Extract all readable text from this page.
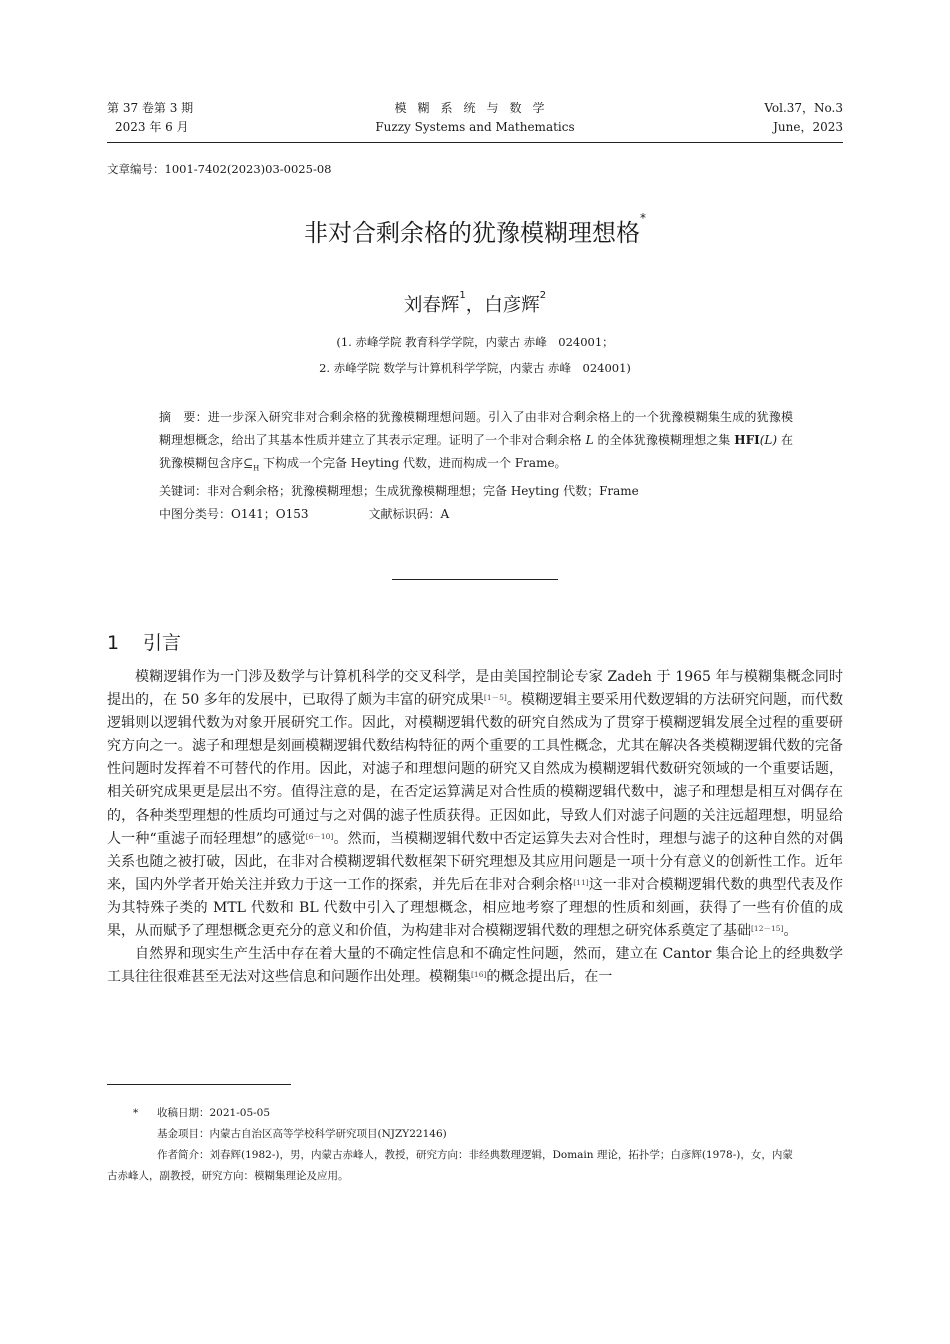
第 37 卷第 3 期
2023 年 6 月
模糊系统与数学
Fuzzy Systems and Mathematics
Vol.37，No.3
June，2023
文章编号：1001-7402(2023)03-0025-08
非对合剩余格的犹豫模糊理想格*
刘春辉$^1$，白彦辉$^2$
(1. 赤峰学院 教育科学学院，内蒙古 赤峰　024001；
2. 赤峰学院 数学与计算机科学学院，内蒙古 赤峰　024001)

摘　要：进一步深入研究非对合剩余格的犹豫模糊理想问题。引入了由非对合剩余格上的一个犹豫模糊集生成的犹豫模糊理想概念，给出了其基本性质并建立了其表示定理。证明了一个非对合剩余格 L 的全体犹豫模糊理想之集 HFI(L) 在犹豫模糊包含序$⊆_H$ 下构成一个完备 Heyting 代数，进而构成一个 Frame。

关键词：非对合剩余格；犹豫模糊理想；生成犹豫模糊理想；完备 Heyting 代数；Frame

中图分类号：O141；O153	文献标识码：A

1 引言

模糊逻辑作为一门涉及数学与计算机科学的交叉科学，是由美国控制论专家 Zadeh 于 1965 年与模糊集概念同时提出的，在 50 多年的发展中，已取得了颇为丰富的研究成果[1－5]。模糊逻辑主要采用代数逻辑的方法研究问题，而代数逻辑则以逻辑代数为对象开展研究工作。因此，对模糊逻辑代数的研究自然成为了贯穿于模糊逻辑发展全过程的重要研究方向之一。滤子和理想是刻画模糊逻辑代数结构特征的两个重要的工具性概念，尤其在解决各类模糊逻辑代数的完备性问题时发挥着不可替代的作用。因此，对滤子和理想问题的研究又自然成为模糊逻辑代数研究领域的一个重要话题，相关研究成果更是层出不穷。值得注意的是，在否定运算满足对合性质的模糊逻辑代数中，滤子和理想是相互对偶存在的，各种类型理想的性质均可通过与之对偶的滤子性质获得。正因如此，导致人们对滤子问题的关注远超理想，明显给人一种“重滤子而轻理想”的感觉[6－10]。然而，当模糊逻辑代数中否定运算失去对合性时，理想与滤子的这种自然的对偶关系也随之被打破，因此，在非对合模糊逻辑代数框架下研究理想及其应用问题是一项十分有意义的创新性工作。近年来，国内外学者开始关注并致力于这一工作的探索，并先后在非对合剩余格[11]这一非对合模糊逻辑代数的典型代表及作为其特殊子类的 MTL 代数和 BL 代数中引入了理想概念，相应地考察了理想的性质和刻画，获得了一些有价值的成果，从而赋予了理想概念更充分的意义和价值，为构建非对合模糊逻辑代数的理想之研究体系奠定了基础[12－15]。

自然界和现实生产生活中存在着大量的不确定性信息和不确定性问题，然而，建立在 Cantor 集合论上的经典数学工具往往很难甚至无法对这些信息和问题作出处理。模糊集[16]的概念提出后，在一

* 收稿日期：2021-05-05

基金项目：内蒙古自治区高等学校科学研究项目(NJZY22146)

作者简介：刘春辉(1982-)，男，内蒙古赤峰人，教授，研究方向：非经典数理逻辑，Domain 理论，拓扑学；白彦辉(1978-)，女，内蒙

古赤峰人，副教授，研究方向：模糊集理论及应用。
